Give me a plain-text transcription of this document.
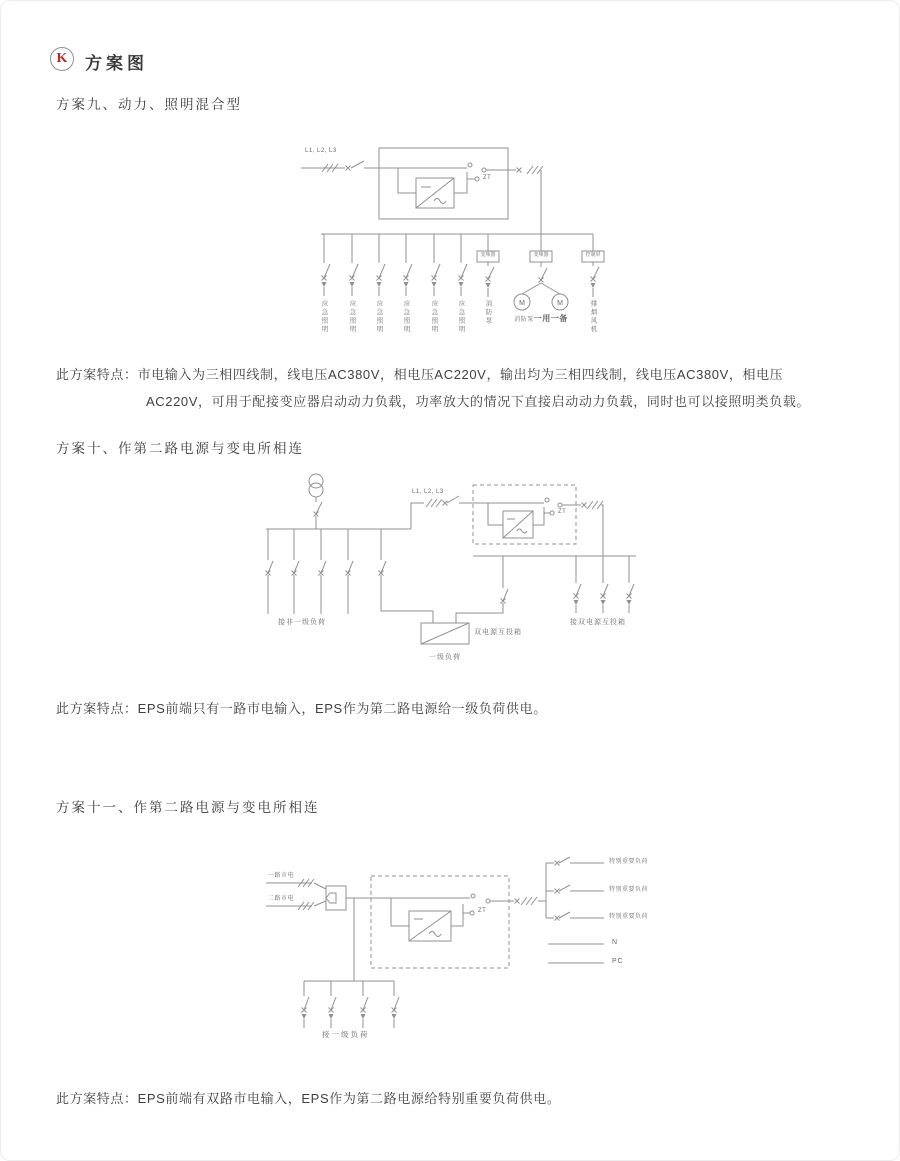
K 方案图
方案九、动力、照明混合型
M	M
L1, L2, L3
ZT
变频器	变频器	控制屏
应急照明	应急照明	应急照明	应急照明	应急照明	应急照明	消防泵	消防泵一用一备	排烟风机
此方案特点：市电输入为三相四线制，线电压AC380V，相电压AC220V，输出均为三相四线制，线电压AC380V，相电压
AC220V，可用于配接变应器启动动力负载，功率放大的情况下直接启动动力负载，同时也可以接照明类负载。
方案十、作第二路电源与变电所相连
L1, L2, L3
ZT
接非一级负荷
双电源互投箱
一级负荷
接双电源互投箱
此方案特点：EPS前端只有一路市电输入，EPS作为第二路电源给一级负荷供电。
方案十一、作第二路电源与变电所相连
一路市电
二路市电
ZT
特别重要负荷
特别重要负荷
特别重要负荷
N
PC
接一级负荷
此方案特点：EPS前端有双路市电输入，EPS作为第二路电源给特别重要负荷供电。
